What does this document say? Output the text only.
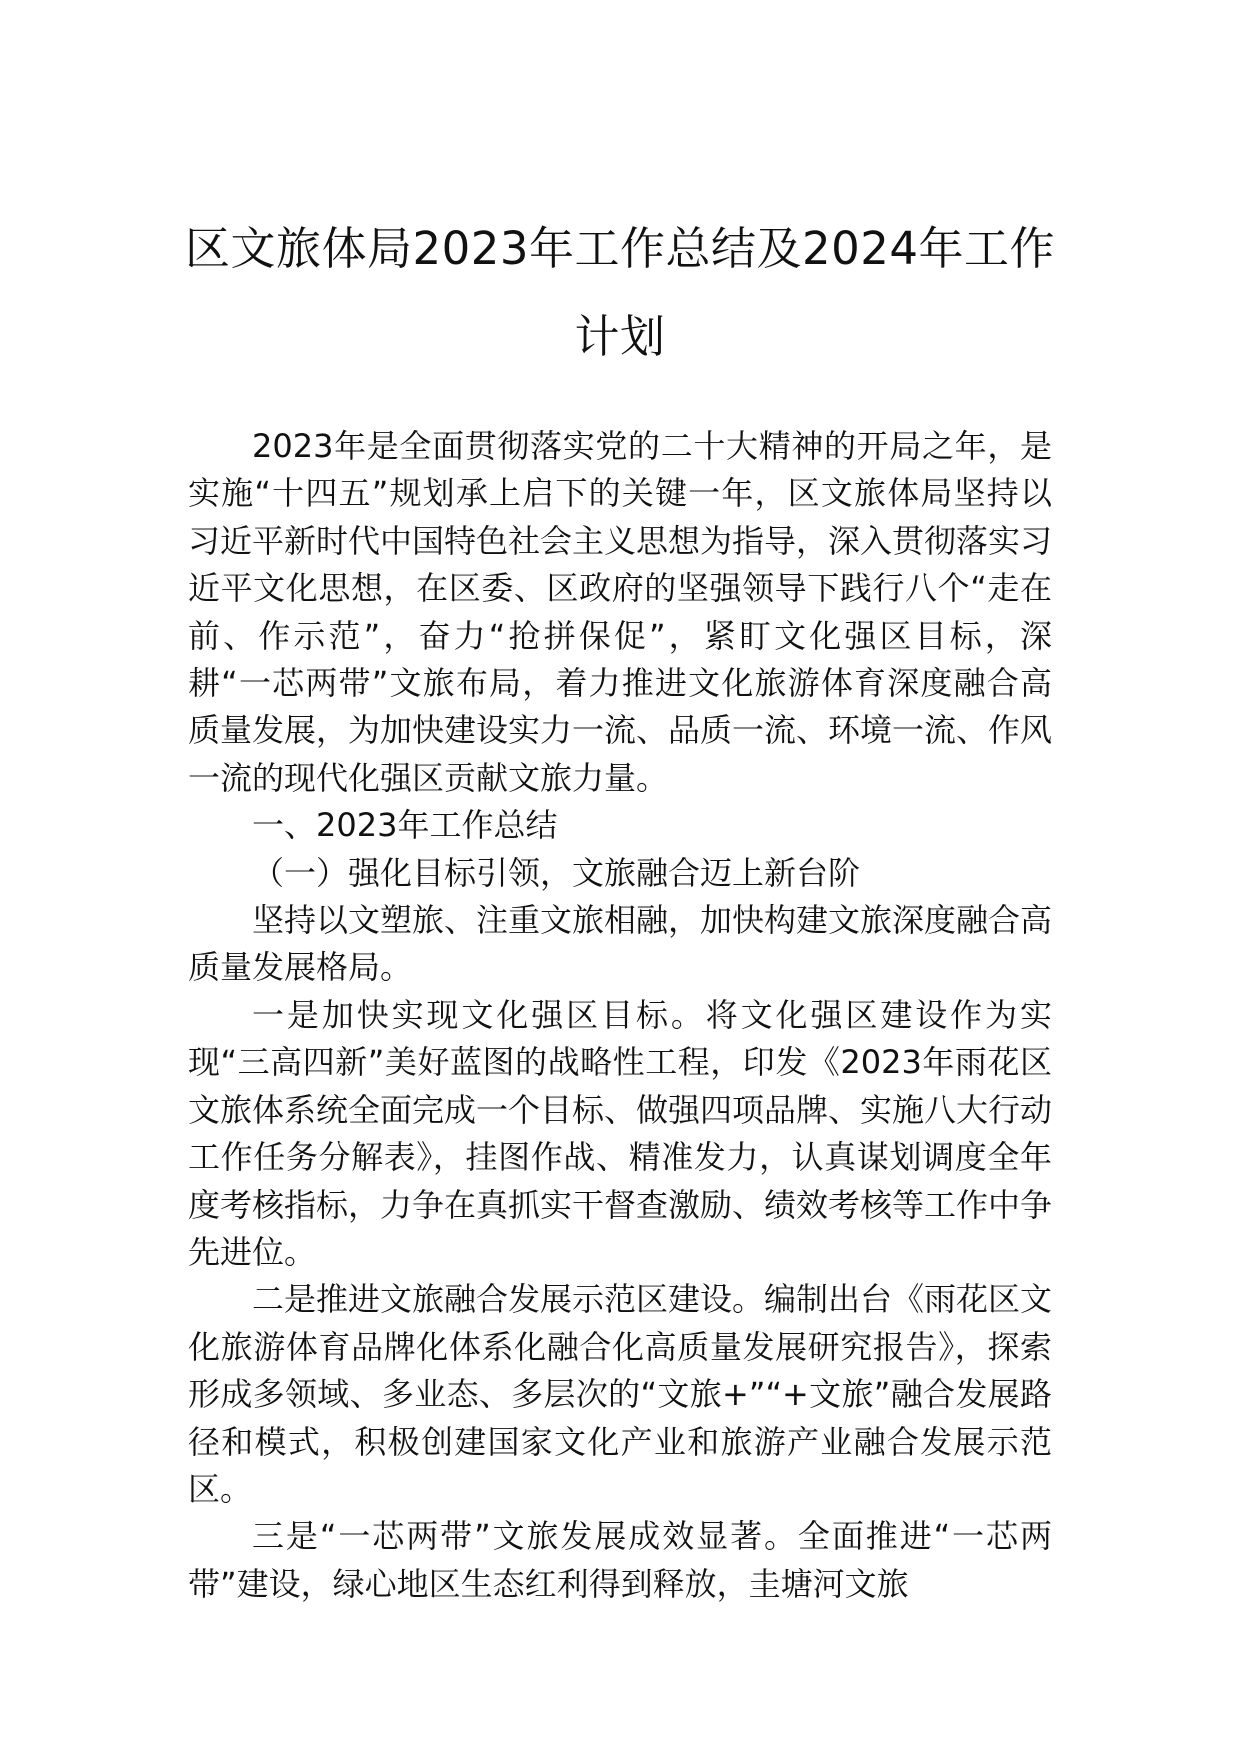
区文旅体局2023年工作总结及2024年工作
计划

2023年是全面贯彻落实党的二十大精神的开局之年，是实施“十四五”规划承上启下的关键一年，区文旅体局坚持以习近平新时代中国特色社会主义思想为指导，深入贯彻落实习近平文化思想，在区委、区政府的坚强领导下践行八个“走在前、作示范”，奋力“抢拼保促”，紧盯文化强区目标，深耕“一芯两带”文旅布局，着力推进文化旅游体育深度融合高质量发展，为加快建设实力一流、品质一流、环境一流、作风一流的现代化强区贡献文旅力量。

一、2023年工作总结

（一）强化目标引领，文旅融合迈上新台阶

坚持以文塑旅、注重文旅相融，加快构建文旅深度融合高质量发展格局。

一是加快实现文化强区目标。将文化强区建设作为实现“三高四新”美好蓝图的战略性工程，印发《2023年雨花区文旅体系统全面完成一个目标、做强四项品牌、实施八大行动工作任务分解表》，挂图作战、精准发力，认真谋划调度全年度考核指标，力争在真抓实干督查激励、绩效考核等工作中争先进位。

二是推进文旅融合发展示范区建设。编制出台《雨花区文化旅游体育品牌化体系化融合化高质量发展研究报告》，探索形成多领域、多业态、多层次的“文旅+”“+文旅”融合发展路径和模式，积极创建国家文化产业和旅游产业融合发展示范区。

三是“一芯两带”文旅发展成效显著。全面推进“一芯两带”建设，绿心地区生态红利得到释放，圭塘河文旅
